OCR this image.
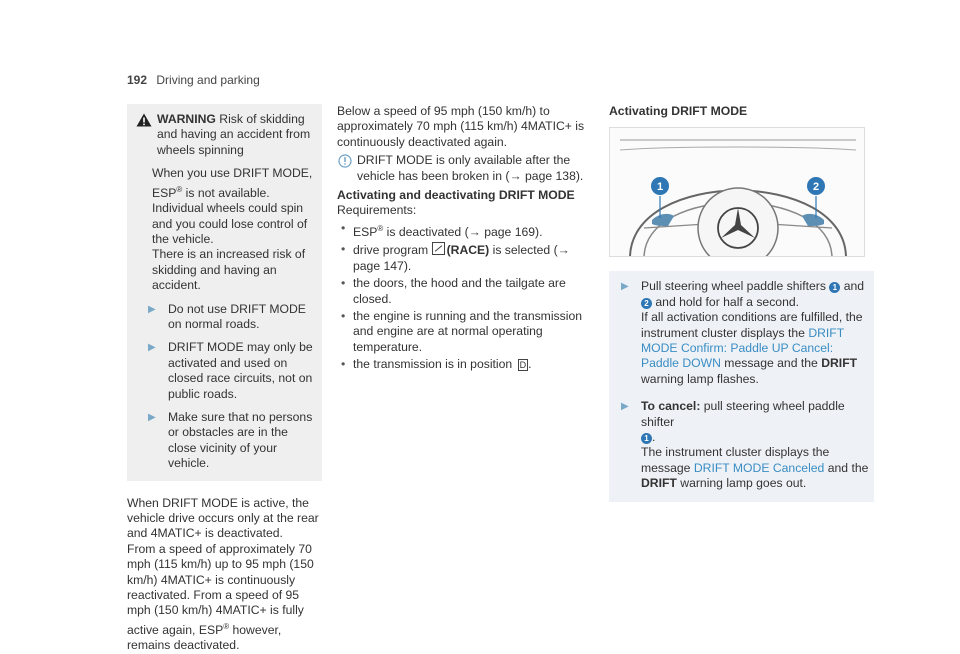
192 Driving and parking
WARNING Risk of skidding and having an accident from wheels spinning
When you use DRIFT MODE, ESP® is not available. Individual wheels could spin and you could lose control of the vehicle.
There is an increased risk of skidding and having an accident.
▶	Do not use DRIFT MODE on normal roads.
▶	DRIFT MODE may only be activated and used on closed race circuits, not on public roads.
▶	Make sure that no persons or obstacles are in the close vicinity of your vehicle.

When DRIFT MODE is active, the vehicle drive occurs only at the rear and 4MATIC+ is deactivated.

From a speed of approximately 70 mph (115 km/h) up to 95 mph (150 km/h) 4MATIC+ is continuously reactivated. From a speed of 95 mph (150 km/h) 4MATIC+ is fully active again, ESP® however, remains deactivated.

Below a speed of 95 mph (150 km/h) to approximately 70 mph (115 km/h) 4MATIC+ is continuously deactivated again.

DRIFT MODE is only available after the vehicle has been broken in (→ page 138).

Activating and deactivating DRIFT MODE

Requirements:

• ESP® is deactivated (→ page 169).
• drive program (RACE) is selected (→ page 147).
• the doors, the hood and the tailgate are closed.
• the engine is running and the transmission and engine are at normal operating temperature.
• the transmission is in position D .

Activating DRIFT MODE

1	2
▶	Pull steering wheel paddle shifters 1 and
2 and hold for half a second.
If all activation conditions are fulfilled, the instrument cluster displays the DRIFT MODE Confirm: Paddle UP Cancel: Paddle DOWN message and the DRIFT warning lamp flashes.
▶	To cancel: pull steering wheel paddle shifter
1 .
The instrument cluster displays the message DRIFT MODE Canceled and the DRIFT warning lamp goes out.
